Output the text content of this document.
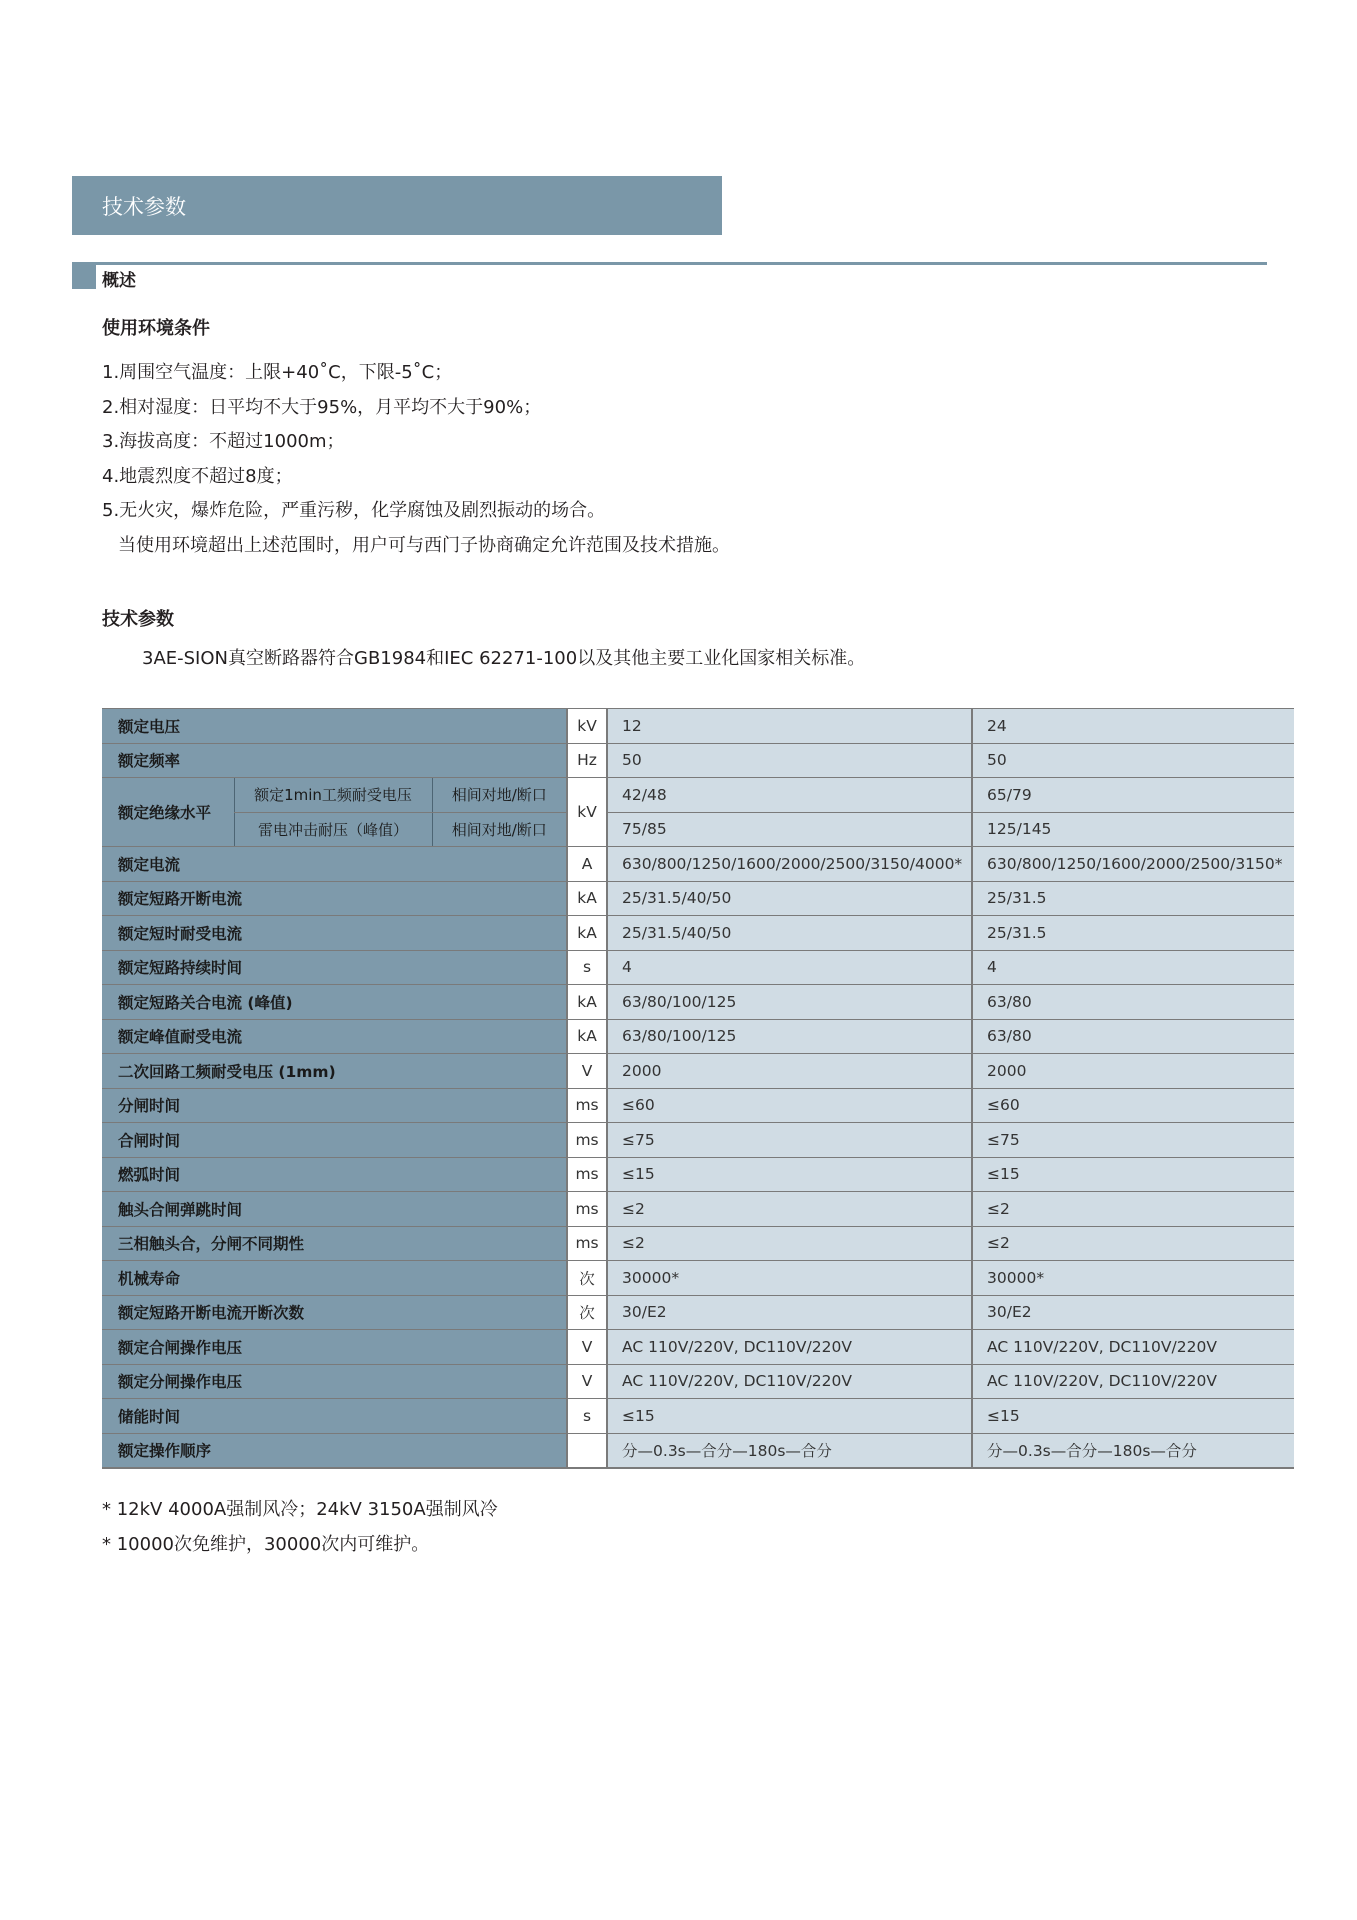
技术参数
概述
使用环境条件
1.周围空气温度：上限+40˚C，下限-5˚C；
2.相对湿度：日平均不大于95%，月平均不大于90%；
3.海拔高度：不超过1000m；
4.地震烈度不超过8度；
5.无火灾，爆炸危险，严重污秽，化学腐蚀及剧烈振动的场合。
当使用环境超出上述范围时，用户可与西门子协商确定允许范围及技术措施。
技术参数
3AE-SION真空断路器符合GB1984和IEC 62271-100以及其他主要工业化国家相关标准。
额定电压			kV	12	24
额定频率			Hz	50	50
额定绝缘水平	额定1min工频耐受电压	相间对地/断口	kV	42/48	65/79
	雷电冲击耐压（峰值）	相间对地/断口		75/85	125/145
额定电流			A	630/800/1250/1600/2000/2500/3150/4000*	630/800/1250/1600/2000/2500/3150*
额定短路开断电流			kA	25/31.5/40/50	25/31.5
额定短时耐受电流			kA	25/31.5/40/50	25/31.5
额定短路持续时间			s	4	4
额定短路关合电流 (峰值)			kA	63/80/100/125	63/80
额定峰值耐受电流			kA	63/80/100/125	63/80
二次回路工频耐受电压 (1mm)			V	2000	2000
分闸时间			ms	≤60	≤60
合闸时间			ms	≤75	≤75
燃弧时间			ms	≤15	≤15
触头合闸弹跳时间			ms	≤2	≤2
三相触头合，分闸不同期性			ms	≤2	≤2
机械寿命			次	30000*	30000*
额定短路开断电流开断次数			次	30/E2	30/E2
额定合闸操作电压			V	AC 110V/220V, DC110V/220V	AC 110V/220V, DC110V/220V
额定分闸操作电压			V	AC 110V/220V, DC110V/220V	AC 110V/220V, DC110V/220V
储能时间			s	≤15	≤15
额定操作顺序				分—0.3s—合分—180s—合分	分—0.3s—合分—180s—合分
* 12kV 4000A强制风冷；24kV 3150A强制风冷
* 10000次免维护，30000次内可维护。
